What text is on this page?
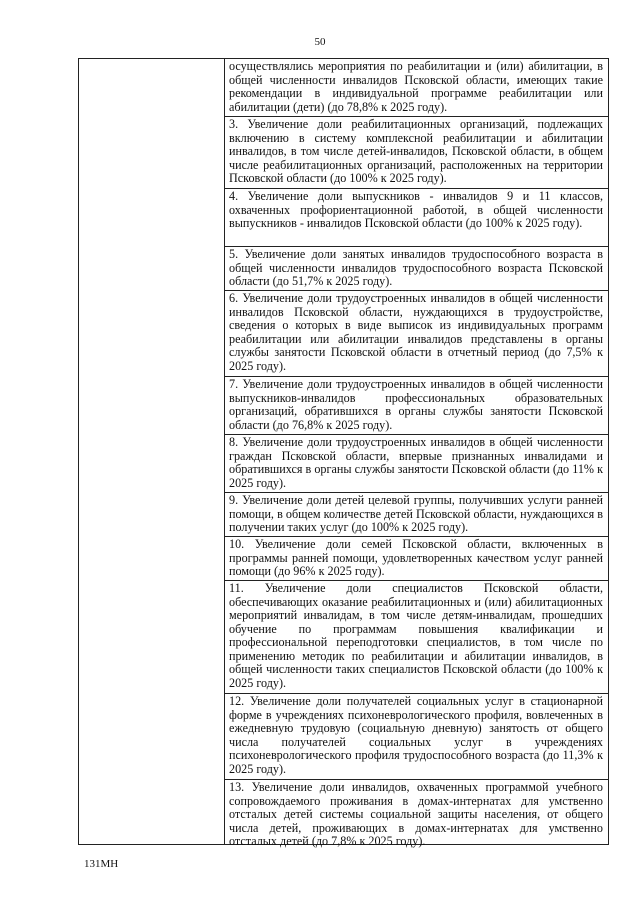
50
осуществлялись мероприятия по реабилитации и (или) абилитации, в общей численности инвалидов Псковской области, имеющих такие рекомендации в индивидуальной программе реабилитации или абилитации (дети) (до 78,8% к 2025 году).
3. Увеличение доли реабилитационных организаций, подлежащих включению в систему комплексной реабилитации и абилитации инвалидов, в том числе детей-инвалидов, Псковской области, в общем числе реабилитационных организаций, расположенных на территории Псковской области (до 100% к 2025 году).
4. Увеличение доли выпускников - инвалидов 9 и 11 классов, охваченных профориентационной работой, в общей численности выпускников - инвалидов Псковской области (до 100% к 2025 году).
5. Увеличение доли занятых инвалидов трудоспособного возраста в общей численности инвалидов трудоспособного возраста Псковской области (до 51,7% к 2025 году).
6. Увеличение доли трудоустроенных инвалидов в общей численности инвалидов Псковской области, нуждающихся в трудоустройстве, сведения о которых в виде выписок из индивидуальных программ реабилитации или абилитации инвалидов представлены в органы службы занятости Псковской области в отчетный период (до 7,5% к 2025 году).
7. Увеличение доли трудоустроенных инвалидов в общей численности выпускников-инвалидов профессиональных образовательных организаций, обратившихся в органы службы занятости Псковской области (до 76,8% к 2025 году).
8. Увеличение доли трудоустроенных инвалидов в общей численности граждан Псковской области, впервые признанных инвалидами и обратившихся в органы службы занятости Псковской области (до 11% к 2025 году).
9. Увеличение доли детей целевой группы, получивших услуги ранней помощи, в общем количестве детей Псковской области, нуждающихся в получении таких услуг (до 100% к 2025 году).
10. Увеличение доли семей Псковской области, включенных в программы ранней помощи, удовлетворенных качеством услуг ранней помощи (до 96% к 2025 году).
11. Увеличение доли специалистов Псковской области, обеспечивающих оказание реабилитационных и (или) абилитационных мероприятий инвалидам, в том числе детям-инвалидам, прошедших обучение по программам повышения квалификации и профессиональной переподготовки специалистов, в том числе по применению методик по реабилитации и абилитации инвалидов, в общей численности таких специалистов Псковской области (до 100% к 2025 году).
12. Увеличение доли получателей социальных услуг в стационарной форме в учреждениях психоневрологического профиля, вовлеченных в ежедневную трудовую (социальную дневную) занятость от общего числа получателей социальных услуг в учреждениях психоневрологического профиля трудоспособного возраста (до 11,3% к 2025 году).
13. Увеличение доли инвалидов, охваченных программой учебного сопровождаемого проживания в домах-интернатах для умственно отсталых детей системы социальной защиты населения, от общего числа детей, проживающих в домах-интернатах для умственно отсталых детей (до 7,8% к 2025 году).
131МН
